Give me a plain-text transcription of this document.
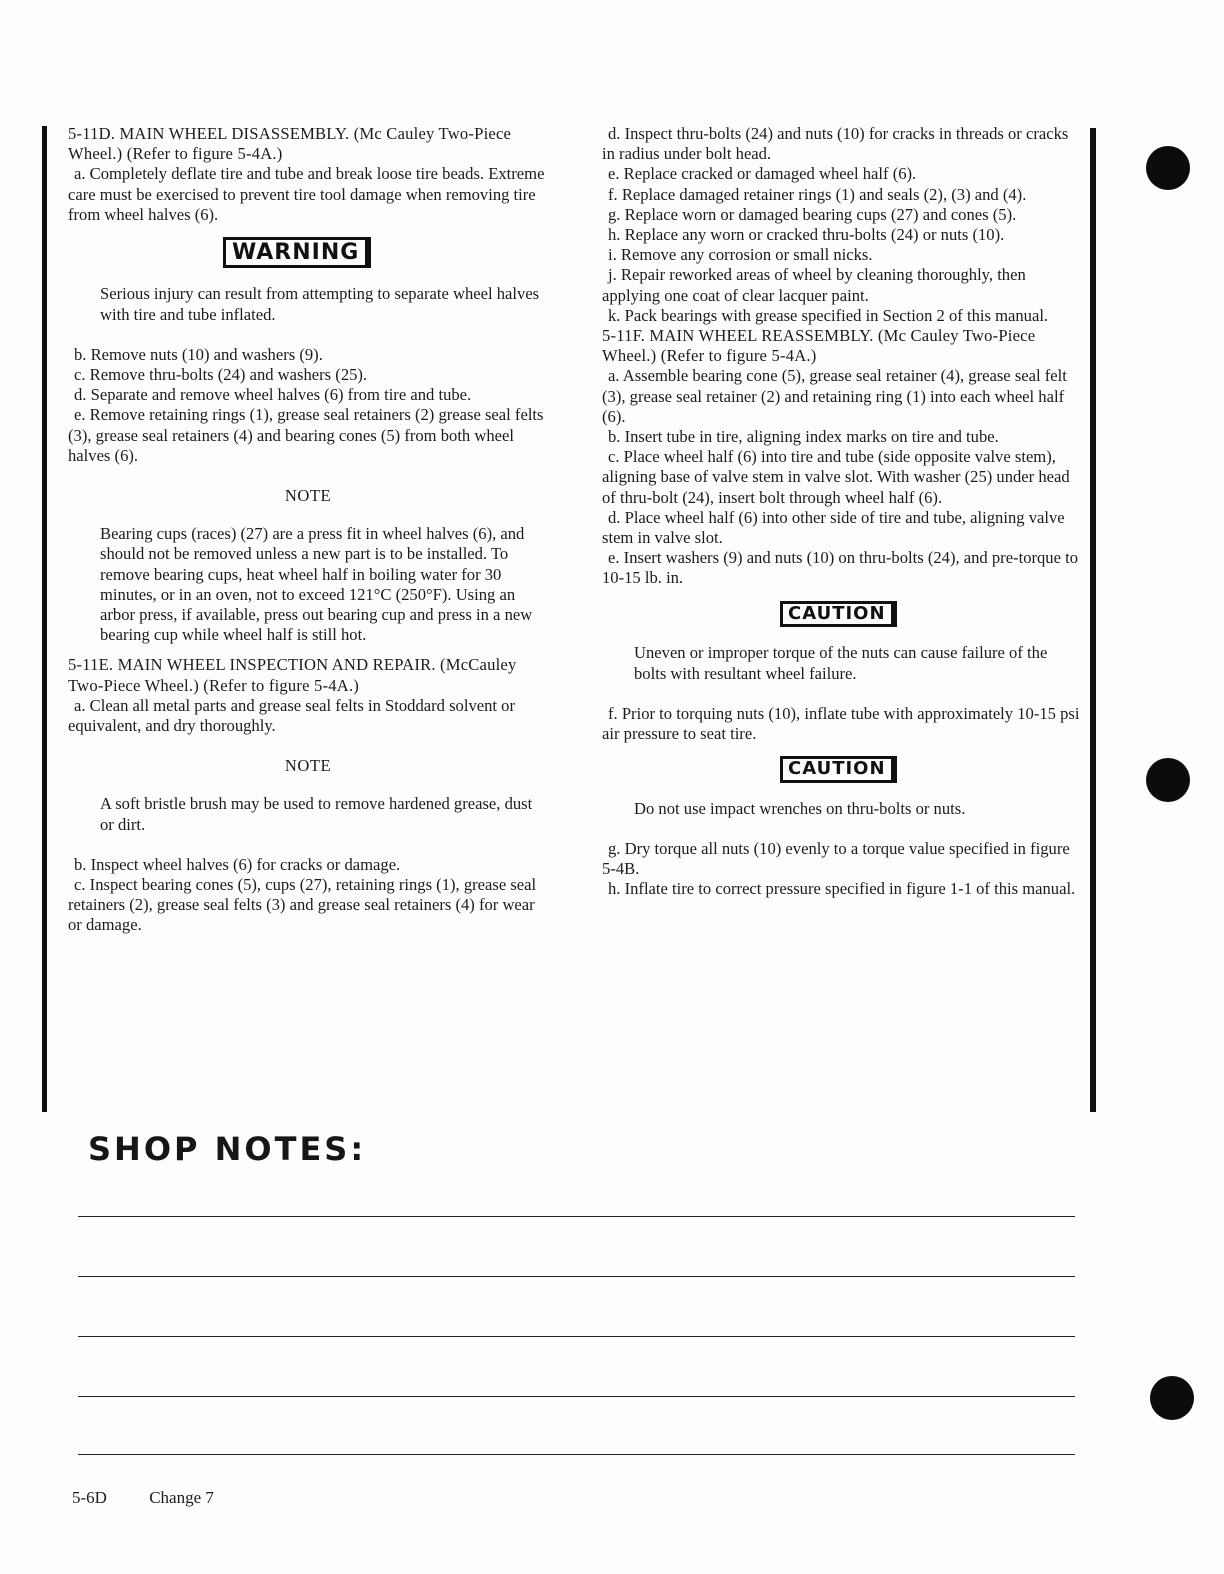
5-11D. MAIN WHEEL DISASSEMBLY. (Mc Cauley Two-Piece Wheel.) (Refer to figure 5-4A.)

a. Completely deflate tire and tube and break loose tire beads. Extreme care must be exercised to prevent tire tool damage when removing tire from wheel halves (6).

WARNING

Serious injury can result from attempting to separate wheel halves with tire and tube inflated.

b. Remove nuts (10) and washers (9).

c. Remove thru-bolts (24) and washers (25).

d. Separate and remove wheel halves (6) from tire and tube.

e. Remove retaining rings (1), grease seal retainers (2) grease seal felts (3), grease seal retainers (4) and bearing cones (5) from both wheel halves (6).

NOTE

Bearing cups (races) (27) are a press fit in wheel halves (6), and should not be removed unless a new part is to be installed. To remove bearing cups, heat wheel half in boiling water for 30 minutes, or in an oven, not to exceed 121°C (250°F). Using an arbor press, if available, press out bearing cup and press in a new bearing cup while wheel half is still hot.

5-11E. MAIN WHEEL INSPECTION AND REPAIR. (McCauley Two-Piece Wheel.) (Refer to figure 5-4A.)

a. Clean all metal parts and grease seal felts in Stoddard solvent or equivalent, and dry thoroughly.

NOTE

A soft bristle brush may be used to remove hardened grease, dust or dirt.

b. Inspect wheel halves (6) for cracks or damage.

c. Inspect bearing cones (5), cups (27), retaining rings (1), grease seal retainers (2), grease seal felts (3) and grease seal retainers (4) for wear or damage.

d. Inspect thru-bolts (24) and nuts (10) for cracks in threads or cracks in radius under bolt head.

e. Replace cracked or damaged wheel half (6).

f. Replace damaged retainer rings (1) and seals (2), (3) and (4).

g. Replace worn or damaged bearing cups (27) and cones (5).

h. Replace any worn or cracked thru-bolts (24) or nuts (10).

i. Remove any corrosion or small nicks.

j. Repair reworked areas of wheel by cleaning thoroughly, then applying one coat of clear lacquer paint.

k. Pack bearings with grease specified in Section 2 of this manual.

5-11F. MAIN WHEEL REASSEMBLY. (Mc Cauley Two-Piece Wheel.) (Refer to figure 5-4A.)

a. Assemble bearing cone (5), grease seal retainer (4), grease seal felt (3), grease seal retainer (2) and retaining ring (1) into each wheel half (6).

b. Insert tube in tire, aligning index marks on tire and tube.

c. Place wheel half (6) into tire and tube (side opposite valve stem), aligning base of valve stem in valve slot. With washer (25) under head of thru-bolt (24), insert bolt through wheel half (6).

d. Place wheel half (6) into other side of tire and tube, aligning valve stem in valve slot.

e. Insert washers (9) and nuts (10) on thru-bolts (24), and pre-torque to 10-15 lb. in.

CAUTION

Uneven or improper torque of the nuts can cause failure of the bolts with resultant wheel failure.

f. Prior to torquing nuts (10), inflate tube with approximately 10-15 psi air pressure to seat tire.

CAUTION

Do not use impact wrenches on thru-bolts or nuts.

g. Dry torque all nuts (10) evenly to a torque value specified in figure 5-4B.

h. Inflate tire to correct pressure specified in figure 1-1 of this manual.

SHOP NOTES:
5-6D Change 7
